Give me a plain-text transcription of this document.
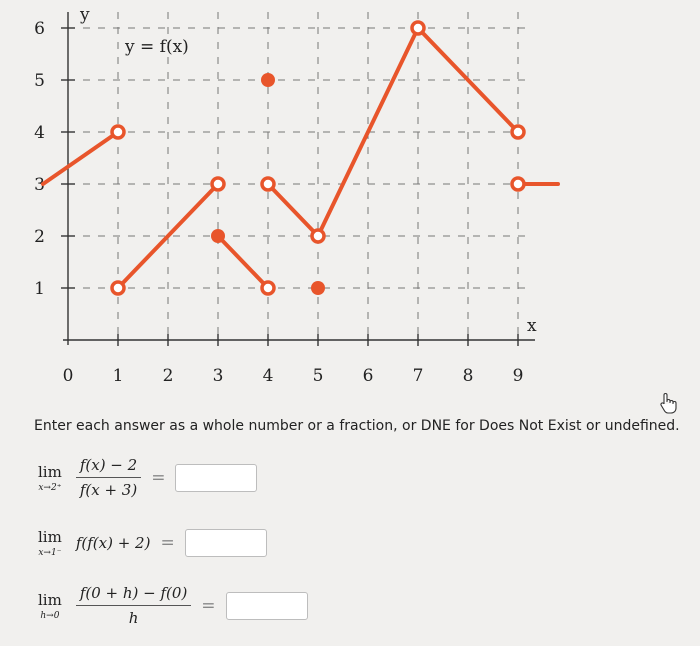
0 1 2 3 4 5 6 7 8 9
1
2
3
4
5
6
y = f(x)
y
x
Enter each answer as a whole number or a fraction, or DNE for Does Not Exist or undefined.
lim
$x\to 2^+ \frac{f(x) - 2}{f(x + 3)}$ =
lim
x→1⁻
f(f(x) + 2) =
lim
$h\to 0 \frac{f(0 + h) - f(0)}{h}$ =
